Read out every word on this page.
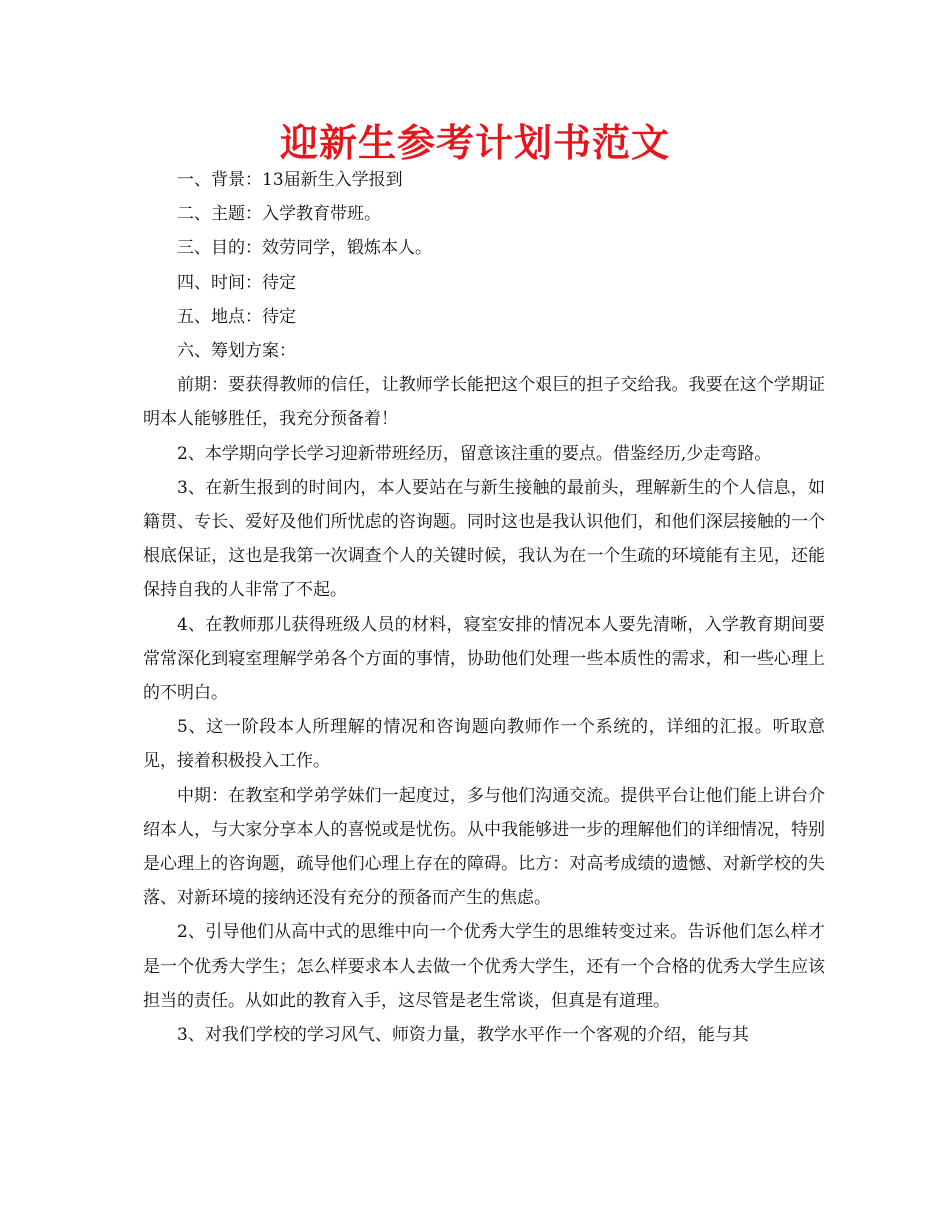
迎新生参考计划书范文

一、背景：13届新生入学报到

二、主题：入学教育带班。

三、目的：效劳同学，锻炼本人。

四、时间：待定

五、地点：待定

六、筹划方案：

前期：要获得教师的信任，让教师学长能把这个艰巨的担子交给我。我要在这个学期证明本人能够胜任，我充分预备着！

2、本学期向学长学习迎新带班经历，留意该注重的要点。借鉴经历,少走弯路。

3、在新生报到的时间内，本人要站在与新生接触的最前头，理解新生的个人信息，如籍贯、专长、爱好及他们所忧虑的咨询题。同时这也是我认识他们，和他们深层接触的一个根底保证，这也是我第一次调查个人的关键时候，我认为在一个生疏的环境能有主见，还能保持自我的人非常了不起。

4、在教师那儿获得班级人员的材料，寝室安排的情况本人要先清晰，入学教育期间要常常深化到寝室理解学弟各个方面的事情，协助他们处理一些本质性的需求，和一些心理上的不明白。

5、这一阶段本人所理解的情况和咨询题向教师作一个系统的，详细的汇报。听取意见，接着积极投入工作。

中期：在教室和学弟学妹们一起度过，多与他们沟通交流。提供平台让他们能上讲台介绍本人，与大家分享本人的喜悦或是忧伤。从中我能够进一步的理解他们的详细情况，特别是心理上的咨询题，疏导他们心理上存在的障碍。比方：对高考成绩的遗憾、对新学校的失落、对新环境的接纳还没有充分的预备而产生的焦虑。

2、引导他们从高中式的思维中向一个优秀大学生的思维转变过来。告诉他们怎么样才是一个优秀大学生；怎么样要求本人去做一个优秀大学生，还有一个合格的优秀大学生应该担当的责任。从如此的教育入手，这尽管是老生常谈，但真是有道理。

3、对我们学校的学习风气、师资力量，教学水平作一个客观的介绍，能与其
